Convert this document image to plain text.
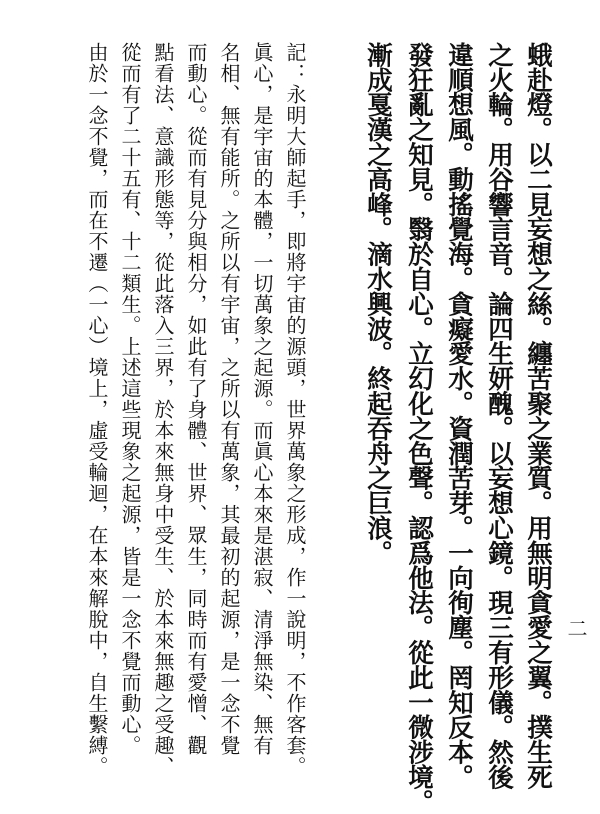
蛾赴燈。以二見妄想之絲。纏苦聚之業質。用無明貪愛之翼。撲生死
之火輪。用谷響言音。論四生妍醜。以妄想心鏡。現三有形儀。然後
違順想風。動搖覺海。貪癡愛水。資潤苦芽。一向徇塵。罔知反本。
發狂亂之知見。翳於自心。立幻化之色聲。認爲他法。從此一微涉境。
漸成戛漢之高峰。滴水興波。終起吞舟之巨浪。
記：永明大師起手，即將宇宙的源頭，世界萬象之形成，作一說明，不作客套。
眞心，是宇宙的本體，一切萬象之起源。而眞心本來是湛寂、清淨無染、無有
名相、無有能所。之所以有宇宙，之所以有萬象，其最初的起源，是一念不覺
而動心。從而有見分與相分，如此有了身體、世界、眾生，同時而有愛憎、觀
點看法、意識形態等，從此落入三界，於本來無身中受生、於本來無趣之受趣、
從而有了二十五有、十二類生。上述這些現象之起源，皆是一念不覺而動心。
由於一念不覺，而在不遷（一心）境上，虛受輪迴，在本來解脫中，自生繫縛。	二
